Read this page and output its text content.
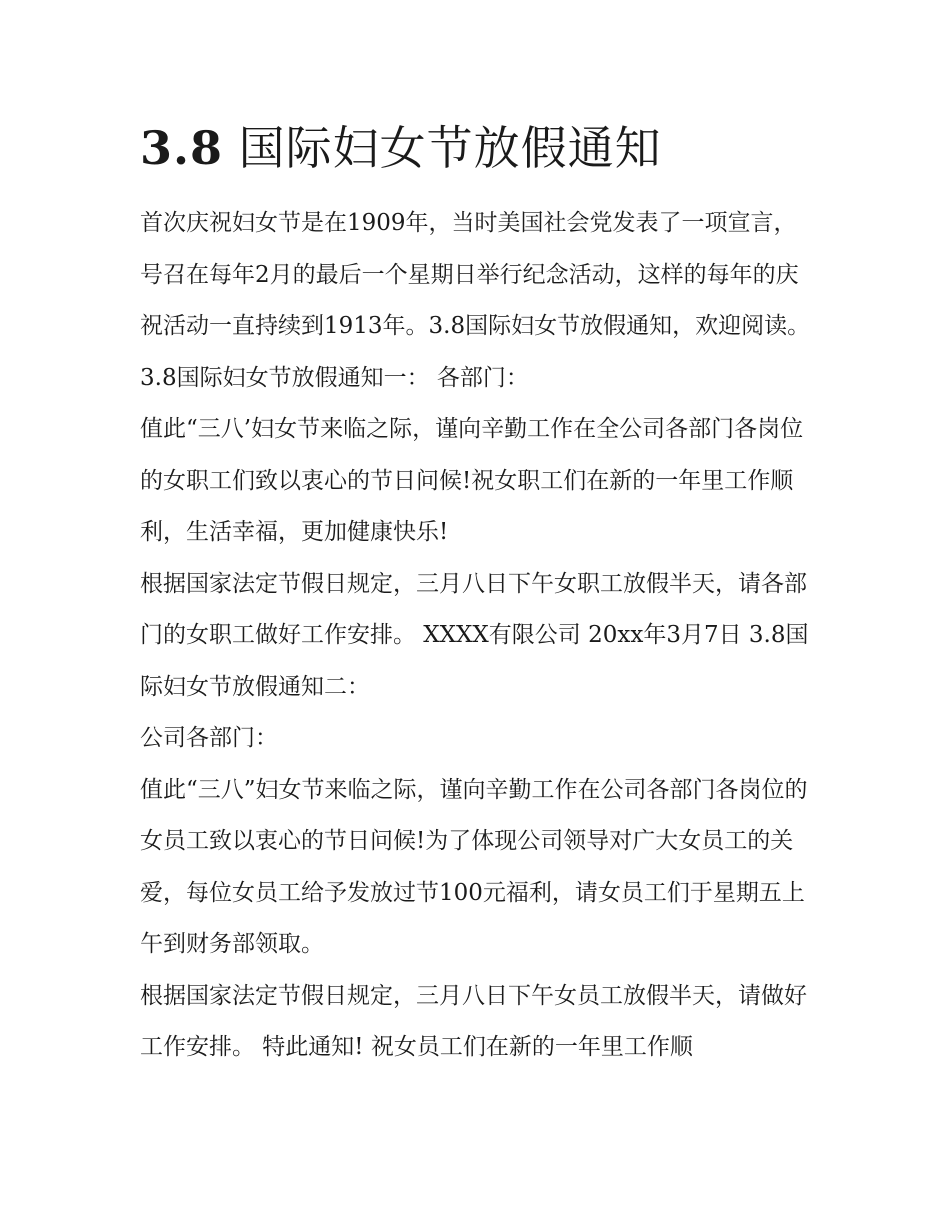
3.8 国际妇女节放假通知

首次庆祝妇女节是在1909年，当时美国社会党发表了一项宣言，号召在每年2月的最后一个星期日举行纪念活动，这样的每年的庆祝活动一直持续到1913年。3.8国际妇女节放假通知，欢迎阅读。

3.8国际妇女节放假通知一： 各部门：

值此“三八’妇女节来临之际，谨向辛勤工作在全公司各部门各岗位的女职工们致以衷心的节日问候!祝女职工们在新的一年里工作顺利，生活幸福，更加健康快乐!

根据国家法定节假日规定，三月八日下午女职工放假半天，请各部门的女职工做好工作安排。 XXXX有限公司 20xx年3月7日 3.8国际妇女节放假通知二：

公司各部门：

值此“三八”妇女节来临之际，谨向辛勤工作在公司各部门各岗位的女员工致以衷心的节日问候!为了体现公司领导对广大女员工的关爱，每位女员工给予发放过节100元福利，请女员工们于星期五上午到财务部领取。

根据国家法定节假日规定，三月八日下午女员工放假半天，请做好工作安排。 特此通知! 祝女员工们在新的一年里工作顺
